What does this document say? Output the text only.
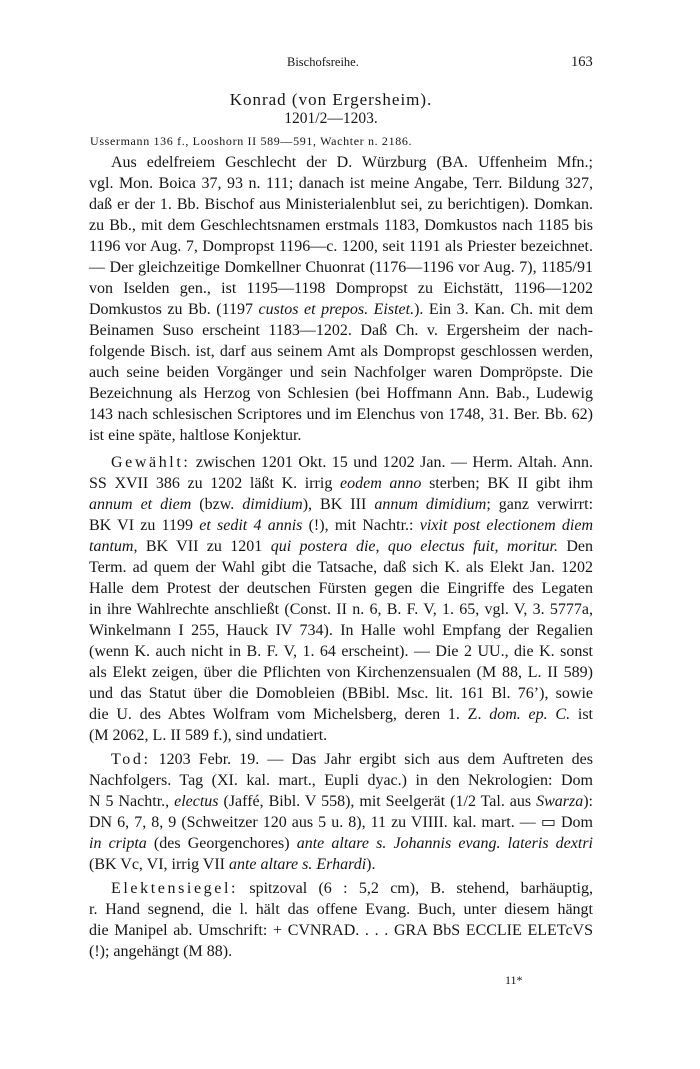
Bischofsreihe.	163
Konrad (von Ergersheim).
1201/2—1203.
Ussermann 136 f., Looshorn II 589—591, Wachter n. 2186.
Aus edelfreiem Geschlecht der D. Würzburg (BA. Uffenheim Mfn.;
vgl. Mon. Boica 37, 93 n. 111; danach ist meine Angabe, Terr. Bildung 327,
daß er der 1. Bb. Bischof aus Ministerialenblut sei, zu berichtigen). Domkan.
zu Bb., mit dem Geschlechtsnamen erstmals 1183, Domkustos nach 1185 bis
1196 vor Aug. 7, Dompropst 1196—c. 1200, seit 1191 als Priester bezeichnet.
— Der gleichzeitige Domkellner Chuonrat (1176—1196 vor Aug. 7), 1185/91
von Iselden gen., ist 1195—1198 Dompropst zu Eichstätt, 1196—1202
Domkustos zu Bb. (1197 custos et prepos. Eistet.). Ein 3. Kan. Ch. mit dem
Beinamen Suso erscheint 1183—1202. Daß Ch. v. Ergersheim der nach-
folgende Bisch. ist, darf aus seinem Amt als Dompropst geschlossen werden,
auch seine beiden Vorgänger und sein Nachfolger waren Dompröpste. Die
Bezeichnung als Herzog von Schlesien (bei Hoffmann Ann. Bab., Ludewig
143 nach schlesischen Scriptores und im Elenchus von 1748, 31. Ber. Bb. 62)
ist eine späte, haltlose Konjektur.
Gewählt: zwischen 1201 Okt. 15 und 1202 Jan. — Herm. Altah. Ann.
SS XVII 386 zu 1202 läßt K. irrig eodem anno sterben; BK II gibt ihm
annum et diem (bzw. dimidium), BK III annum dimidium; ganz verwirrt:
BK VI zu 1199 et sedit 4 annis (!), mit Nachtr.: vixit post electionem diem
tantum, BK VII zu 1201 qui postera die, quo electus fuit, moritur. Den
Term. ad quem der Wahl gibt die Tatsache, daß sich K. als Elekt Jan. 1202
Halle dem Protest der deutschen Fürsten gegen die Eingriffe des Legaten
in ihre Wahlrechte anschließt (Const. II n. 6, B. F. V, 1. 65, vgl. V, 3. 5777a,
Winkelmann I 255, Hauck IV 734). In Halle wohl Empfang der Regalien
(wenn K. auch nicht in B. F. V, 1. 64 erscheint). — Die 2 UU., die K. sonst
als Elekt zeigen, über die Pflichten von Kirchenzensualen (M 88, L. II 589)
und das Statut über die Domobleien (BBibl. Msc. lit. 161 Bl. 76’), sowie
die U. des Abtes Wolfram vom Michelsberg, deren 1. Z. dom. ep. C. ist
(M 2062, L. II 589 f.), sind undatiert.
Tod: 1203 Febr. 19. — Das Jahr ergibt sich aus dem Auftreten des
Nachfolgers. Tag (XI. kal. mart., Eupli dyac.) in den Nekrologien: Dom
N 5 Nachtr., electus (Jaffé, Bibl. V 558), mit Seelgerät (1/2 Tal. aus Swarza):
DN 6, 7, 8, 9 (Schweitzer 120 aus 5 u. 8), 11 zu VIIII. kal. mart. — ▭ Dom
in cripta (des Georgenchores) ante altare s. Johannis evang. lateris dextri
(BK Vc, VI, irrig VII ante altare s. Erhardi).
Elektensiegel: spitzoval (6 : 5,2 cm), B. stehend, barhäuptig,
r. Hand segnend, die l. hält das offene Evang. Buch, unter diesem hängt
die Manipel ab. Umschrift: + CVNRAD. . . . GRA BbS ECCLIE ELETcVS
(!); angehängt (M 88).
11*
